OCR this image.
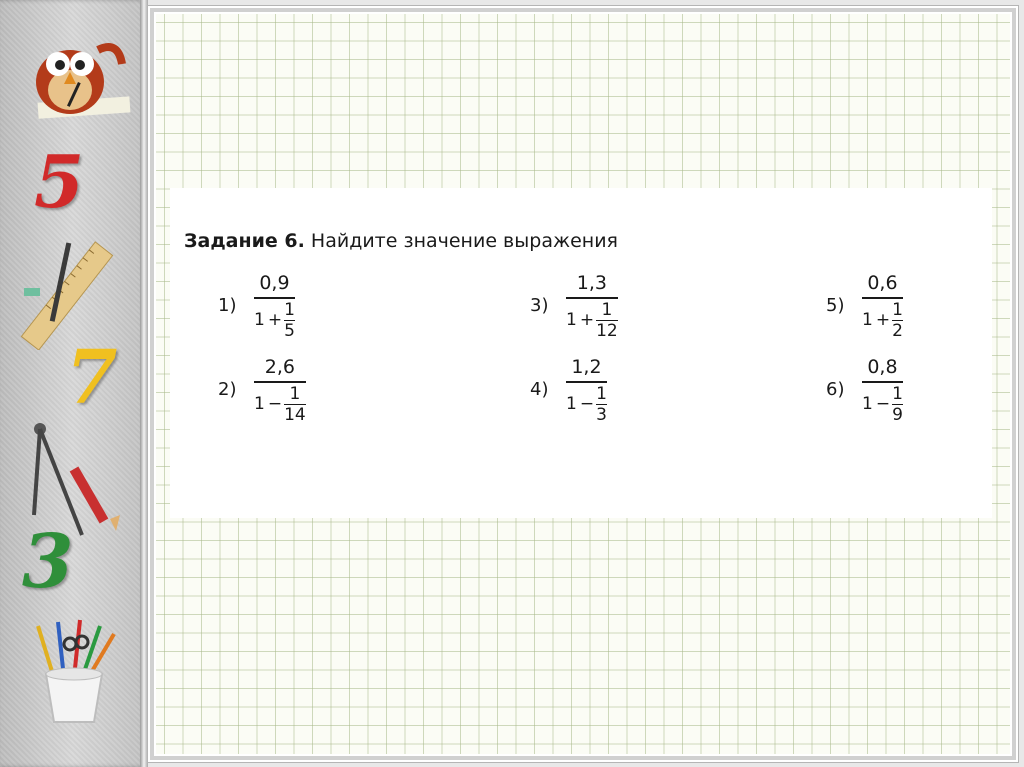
5
7
3
Задание 6. Найдите значение выражения
$1) \frac{0,9}{1 + \frac{1}{5}}$
$2) \frac{2,6}{1 - \frac{1}{14}}$
$3) \frac{1,3}{1 + \frac{1}{12}}$
$4) \frac{1,2}{1 - \frac{1}{3}}$
$5) \frac{0,6}{1 + \frac{1}{2}}$
$6) \frac{0,8}{1 - \frac{1}{9}}$
